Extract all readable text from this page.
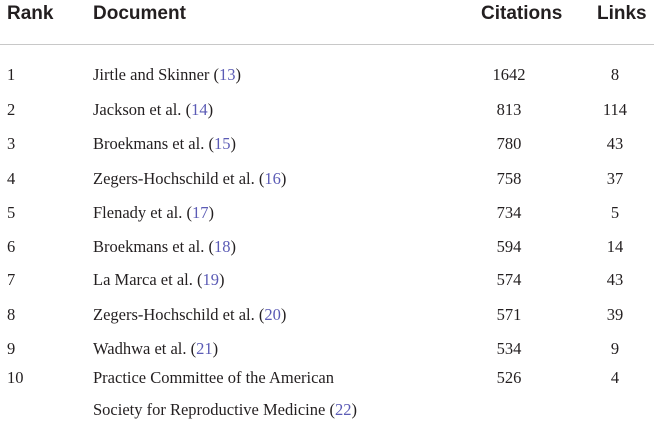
Rank Document	Citations Links
1	Jirtle and Skinner (13)	1642	8
2	Jackson et al. (14)	813	114
3	Broekmans et al. (15)	780	43
4	Zegers-Hochschild et al. (16)	758	37
5	Flenady et al. (17)	734	5
6	Broekmans et al. (18)	594	14
7	La Marca et al. (19)	574	43
8	Zegers-Hochschild et al. (20)	571	39
9	Wadhwa et al. (21)	534	9
10	Practice Committee of the American	526	4
Society for Reproductive Medicine (22)
